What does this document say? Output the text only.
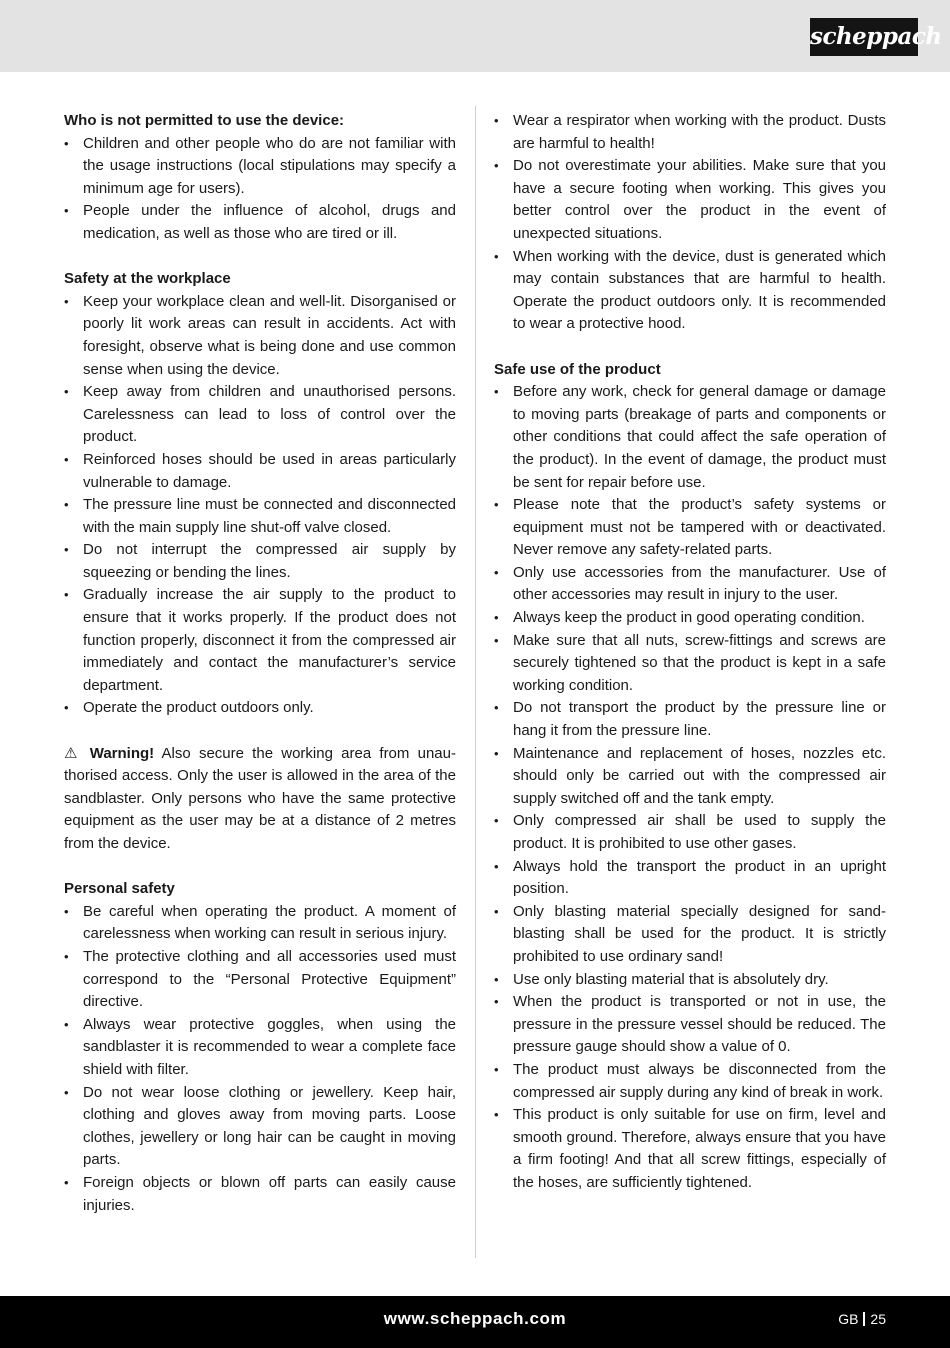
scheppach

Who is not permitted to use the device:

• Children and other people who do are not familiar with the usage instructions (local stipulations may specify a minimum age for users).
• People under the influence of alcohol, drugs and medication, as well as those who are tired or ill.

Safety at the workplace

• Keep your workplace clean and well-lit. Disorganised or poorly lit work areas can result in accidents. Act with foresight, observe what is being done and use common sense when using the device.
• Keep away from children and unauthorised persons. Carelessness can lead to loss of control over the product.
• Reinforced hoses should be used in areas particularly vulnerable to damage.
• The pressure line must be connected and disconnected with the main supply line shut-off valve closed.
• Do not interrupt the compressed air supply by squeezing or bending the lines.
• Gradually increase the air supply to the product to ensure that it works properly. If the product does not function properly, disconnect it from the compressed air immediately and contact the manufacturer’s service department.
• Operate the product outdoors only.

⚠ Warning! Also secure the working area from unauthorised access. Only the user is allowed in the area of the sandblaster. Only persons who have the same protective equipment as the user may be at a distance of 2 metres from the device.

Personal safety

• Be careful when operating the product. A moment of carelessness when working can result in serious injury.
• The protective clothing and all accessories used must correspond to the “Personal Protective Equipment” directive.
• Always wear protective goggles, when using the sandblaster it is recommended to wear a complete face shield with filter.
• Do not wear loose clothing or jewellery. Keep hair, clothing and gloves away from moving parts. Loose clothes, jewellery or long hair can be caught in moving parts.
• Foreign objects or blown off parts can easily cause injuries.
• Wear a respirator when working with the product. Dusts are harmful to health!
• Do not overestimate your abilities. Make sure that you have a secure footing when working. This gives you better control over the product in the event of unexpected situations.
• When working with the device, dust is generated which may contain substances that are harmful to health. Operate the product outdoors only. It is recommended to wear a protective hood.

Safe use of the product

• Before any work, check for general damage or damage to moving parts (breakage of parts and components or other conditions that could affect the safe operation of the product). In the event of damage, the product must be sent for repair before use.
• Please note that the product’s safety systems or equipment must not be tampered with or deactivated. Never remove any safety-related parts.
• Only use accessories from the manufacturer. Use of other accessories may result in injury to the user.
• Always keep the product in good operating condition.
• Make sure that all nuts, screw-fittings and screws are securely tightened so that the product is kept in a safe working condition.
• Do not transport the product by the pressure line or hang it from the pressure line.
• Maintenance and replacement of hoses, nozzles etc. should only be carried out with the compressed air supply switched off and the tank empty.
• Only compressed air shall be used to supply the product. It is prohibited to use other gases.
• Always hold the transport the product in an upright position.
• Only blasting material specially designed for sandblasting shall be used for the product. It is strictly prohibited to use ordinary sand!
• Use only blasting material that is absolutely dry.
• When the product is transported or not in use, the pressure in the pressure vessel should be reduced. The pressure gauge should show a value of 0.
• The product must always be disconnected from the compressed air supply during any kind of break in work.
• This product is only suitable for use on firm, level and smooth ground. Therefore, always ensure that you have a firm footing! And that all screw fittings, especially of the hoses, are sufficiently tightened.
www.scheppach.com	GB 25
